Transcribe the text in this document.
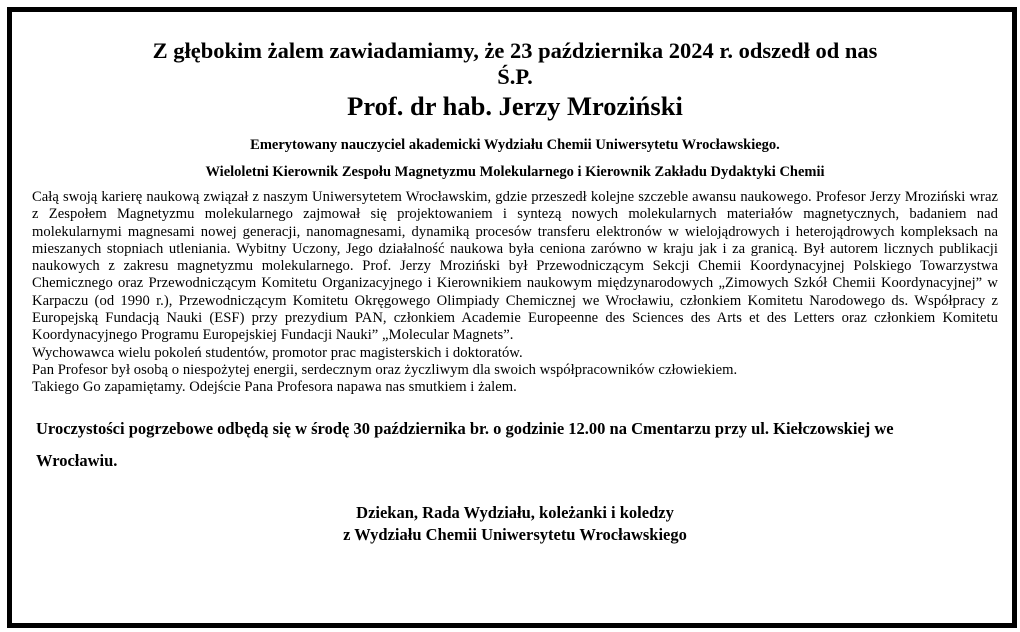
Z głębokim żalem zawiadamiamy, że 23 października 2024 r. odszedł od nas

Ś.P.

Prof. dr hab. Jerzy Mroziński

Emerytowany nauczyciel akademicki Wydziału Chemii Uniwersytetu Wrocławskiego.

Wieloletni Kierownik Zespołu Magnetyzmu Molekularnego i Kierownik Zakładu Dydaktyki Chemii

Całą swoją karierę naukową związał z naszym Uniwersytetem Wrocławskim, gdzie przeszedł kolejne szczeble awansu naukowego. Profesor Jerzy Mroziński wraz z Zespołem Magnetyzmu molekularnego zajmował się projektowaniem i syntezą nowych molekularnych materiałów magnetycznych, badaniem nad molekularnymi magnesami nowej generacji, nanomagnesami, dynamiką procesów transferu elektronów w wielojądrowych i heterojądrowych kompleksach na mieszanych stopniach utleniania. Wybitny Uczony, Jego działalność naukowa była ceniona zarówno w kraju jak i za granicą. Był autorem licznych publikacji naukowych z zakresu magnetyzmu molekularnego. Prof. Jerzy Mroziński był Przewodniczącym Sekcji Chemii Koordynacyjnej Polskiego Towarzystwa Chemicznego oraz Przewodniczącym Komitetu Organizacyjnego i Kierownikiem naukowym międzynarodowych „Zimowych Szkół Chemii Koordynacyjnej” w Karpaczu (od 1990 r.), Przewodniczącym Komitetu Okręgowego Olimpiady Chemicznej we Wrocławiu, członkiem Komitetu Narodowego ds. Współpracy z Europejską Fundacją Nauki (ESF) przy prezydium PAN, członkiem Academie Europeenne des Sciences des Arts et des Letters oraz członkiem Komitetu Koordynacyjnego Programu Europejskiej Fundacji Nauki” „Molecular Magnets”.

Wychowawca wielu pokoleń studentów, promotor prac magisterskich i doktoratów.

Pan Profesor był osobą o niespożytej energii, serdecznym oraz życzliwym dla swoich współpracowników człowiekiem.

Takiego Go zapamiętamy. Odejście Pana Profesora napawa nas smutkiem i żalem.

Uroczystości pogrzebowe odbędą się w środę 30 października br. o godzinie 12.00 na Cmentarzu przy ul. Kiełczowskiej we Wrocławiu.
Dziekan, Rada Wydziału, koleżanki i koledzy
z Wydziału Chemii Uniwersytetu Wrocławskiego
